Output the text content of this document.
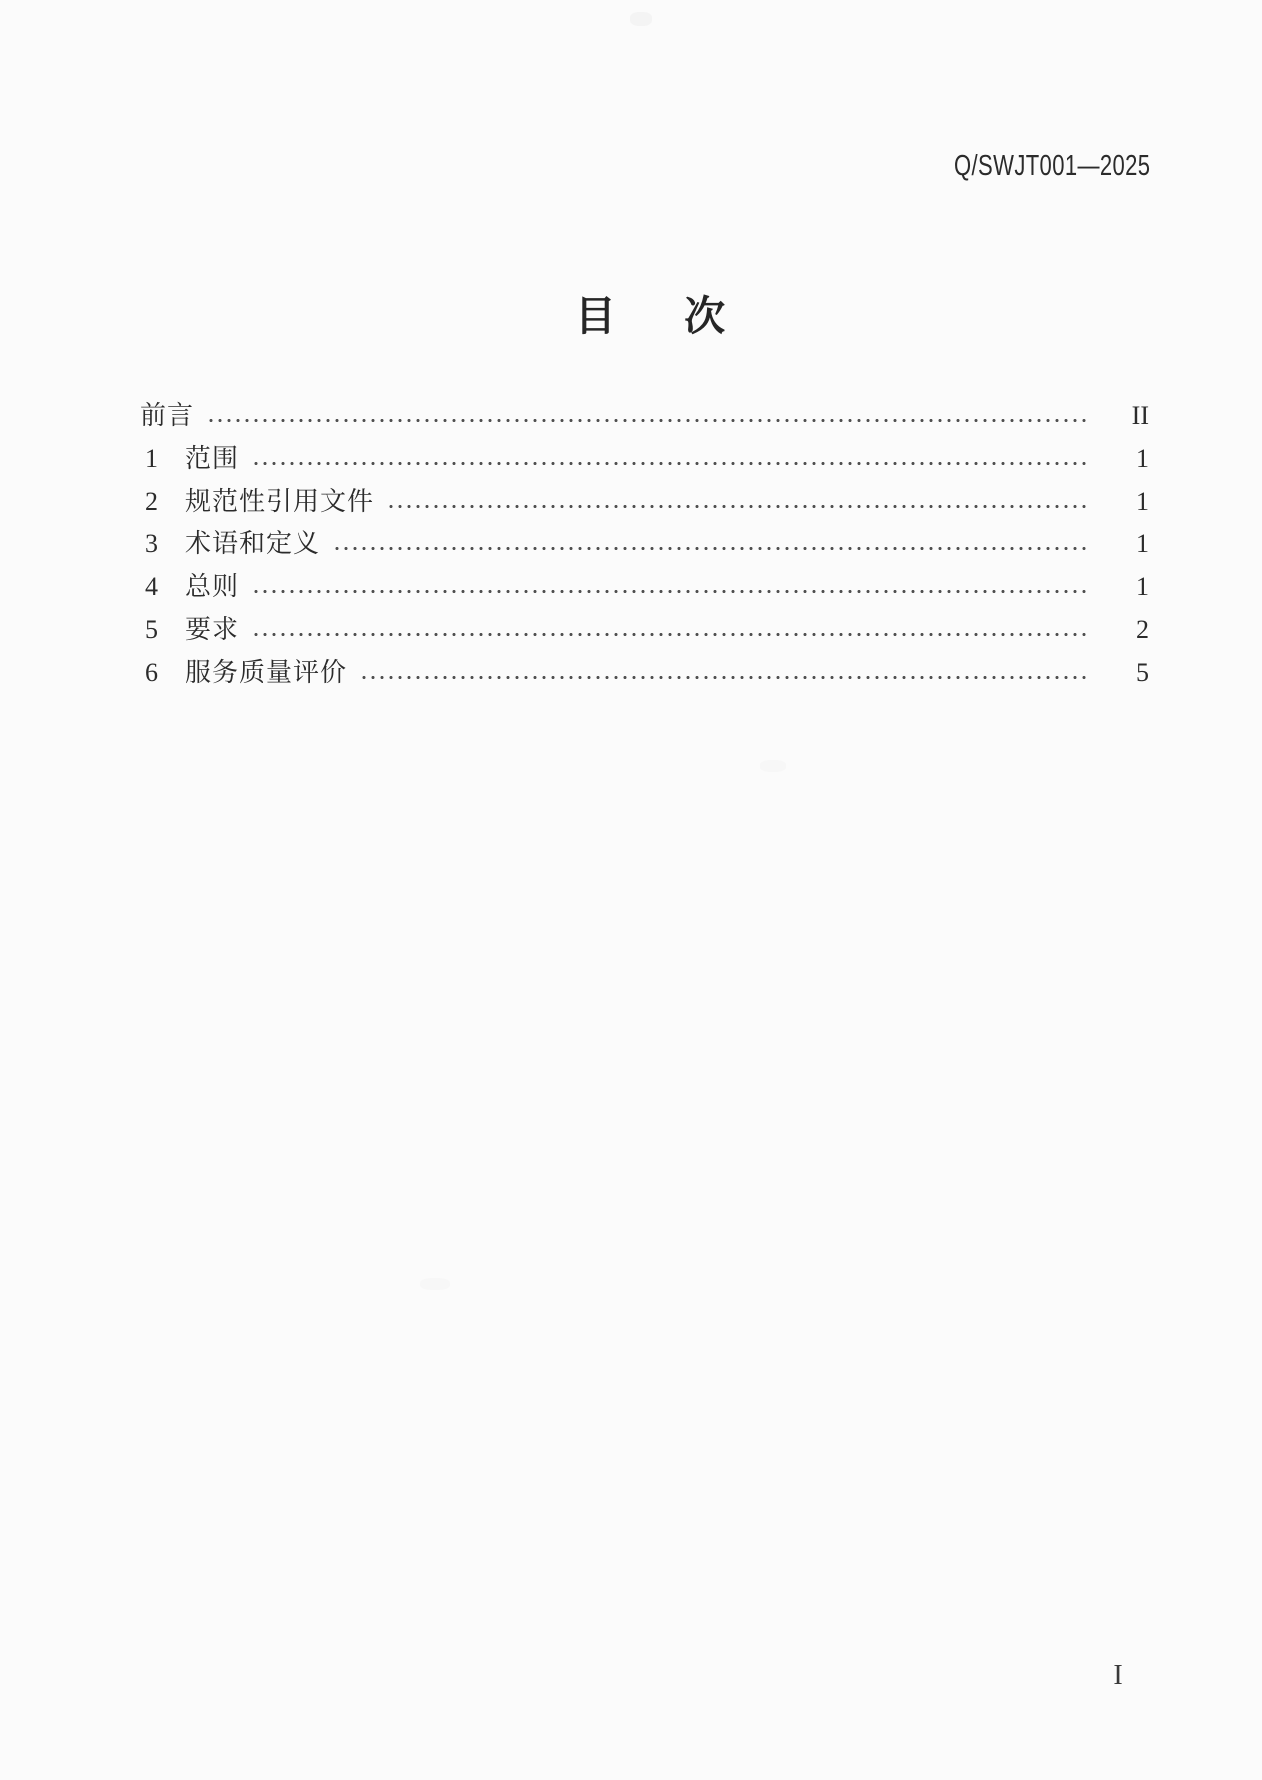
Q/SWJT001—2025
目 次
前言	II
1	范围	1
2	规范性引用文件	1
3	术语和定义	1
4	总则	1
5	要求	2
6	服务质量评价	5
I
